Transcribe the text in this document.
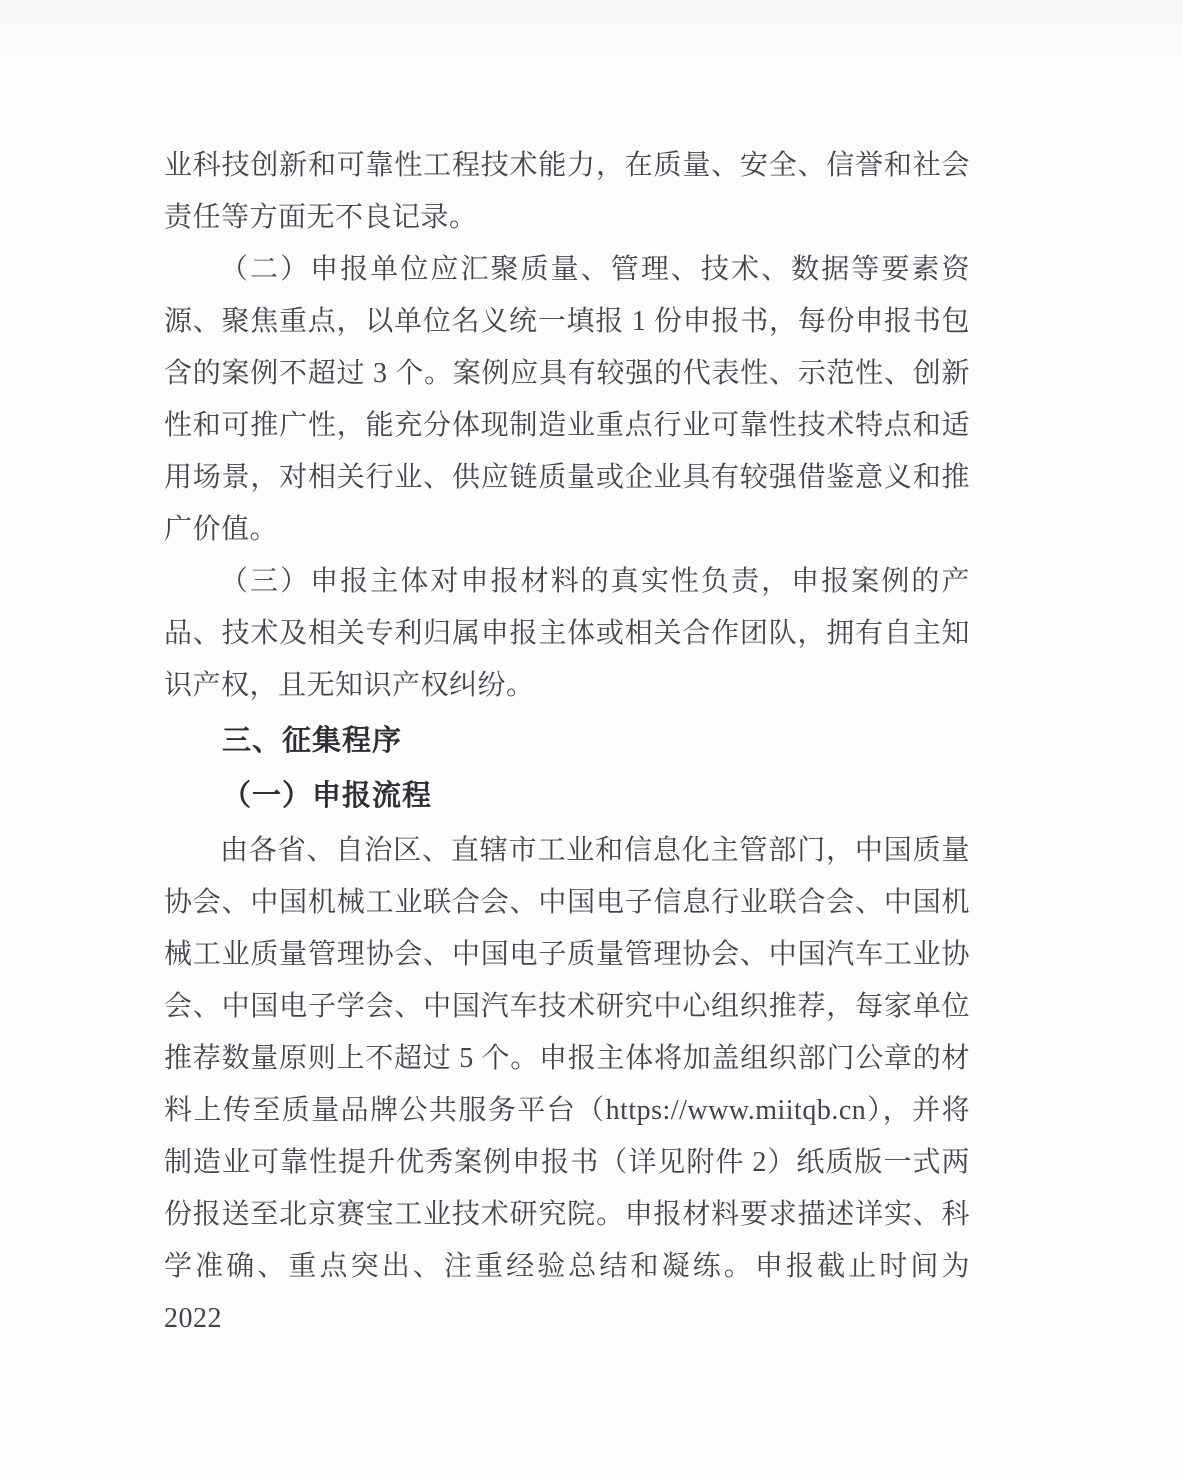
业科技创新和可靠性工程技术能力，在质量、安全、信誉和社会责任等方面无不良记录。

（二）申报单位应汇聚质量、管理、技术、数据等要素资源、聚焦重点，以单位名义统一填报 1 份申报书，每份申报书包含的案例不超过 3 个。案例应具有较强的代表性、示范性、创新性和可推广性，能充分体现制造业重点行业可靠性技术特点和适用场景，对相关行业、供应链质量或企业具有较强借鉴意义和推广价值。

（三）申报主体对申报材料的真实性负责，申报案例的产品、技术及相关专利归属申报主体或相关合作团队，拥有自主知识产权，且无知识产权纠纷。

三、征集程序
（一）申报流程

由各省、自治区、直辖市工业和信息化主管部门，中国质量协会、中国机械工业联合会、中国电子信息行业联合会、中国机械工业质量管理协会、中国电子质量管理协会、中国汽车工业协会、中国电子学会、中国汽车技术研究中心组织推荐，每家单位推荐数量原则上不超过 5 个。申报主体将加盖组织部门公章的材料上传至质量品牌公共服务平台（https://www.miitqb.cn），并将制造业可靠性提升优秀案例申报书（详见附件 2）纸质版一式两份报送至北京赛宝工业技术研究院。申报材料要求描述详实、科学准确、重点突出、注重经验总结和凝练。申报截止时间为 2022
